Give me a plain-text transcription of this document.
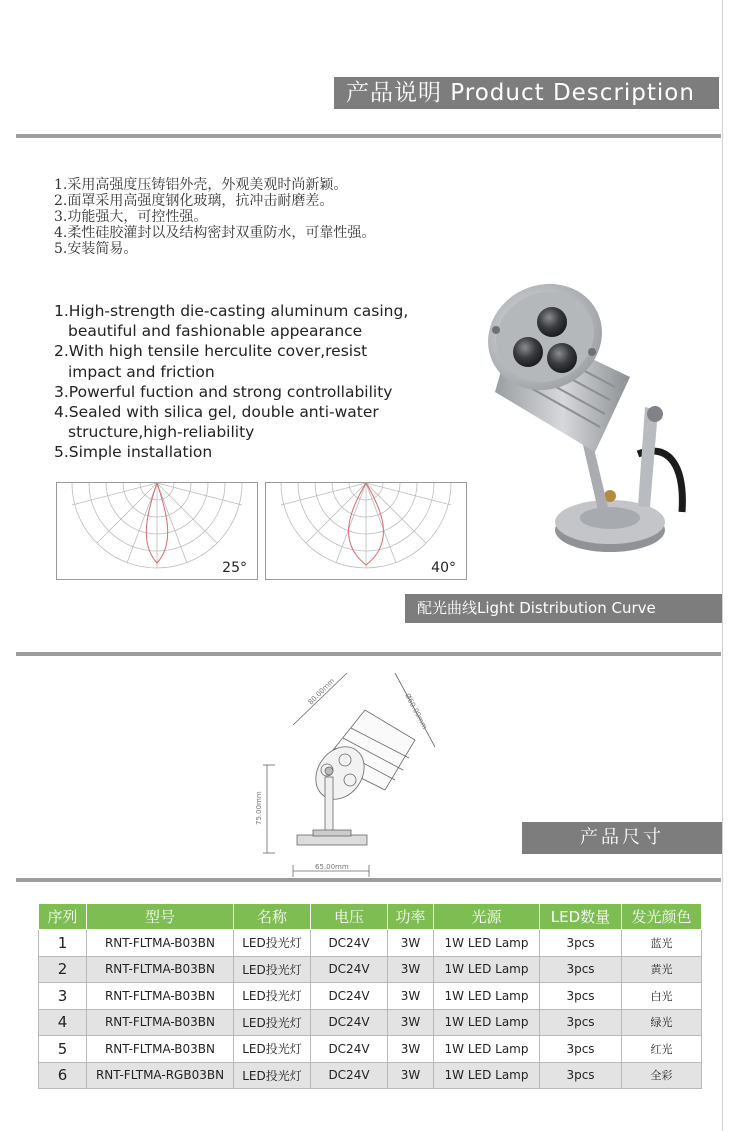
产品说明 Product Description
1.采用高强度压铸铝外壳，外观美观时尚新颖。
2.面罩采用高强度钢化玻璃，抗冲击耐磨差。
3.功能强大，可控性强。
4.柔性硅胶灌封以及结构密封双重防水，可靠性强。
5.安装简易。
1.High-strength die-casting aluminum casing,
beautiful and fashionable appearance
2.With high tensile herculite cover,resist
impact and friction
3.Powerful fuction and strong controllability
4.Sealed with silica gel, double anti-water
structure,high-reliability
5.Simple installation
25°	40°
配光曲线Light Distribution Curve
80.00mm
Ø60.00mm
75.00mm
65.00mm
产品尺寸
序列	型号	名称	电压	功率	光源	LED数量	发光颜色
1	RNT-FLTMA-B03BN	LED投光灯	DC24V	3W	1W LED Lamp	3pcs	蓝光
2	RNT-FLTMA-B03BN	LED投光灯	DC24V	3W	1W LED Lamp	3pcs	黄光
3	RNT-FLTMA-B03BN	LED投光灯	DC24V	3W	1W LED Lamp	3pcs	白光
4	RNT-FLTMA-B03BN	LED投光灯	DC24V	3W	1W LED Lamp	3pcs	绿光
5	RNT-FLTMA-B03BN	LED投光灯	DC24V	3W	1W LED Lamp	3pcs	红光
6	RNT-FLTMA-RGB03BN	LED投光灯	DC24V	3W	1W LED Lamp	3pcs	全彩
